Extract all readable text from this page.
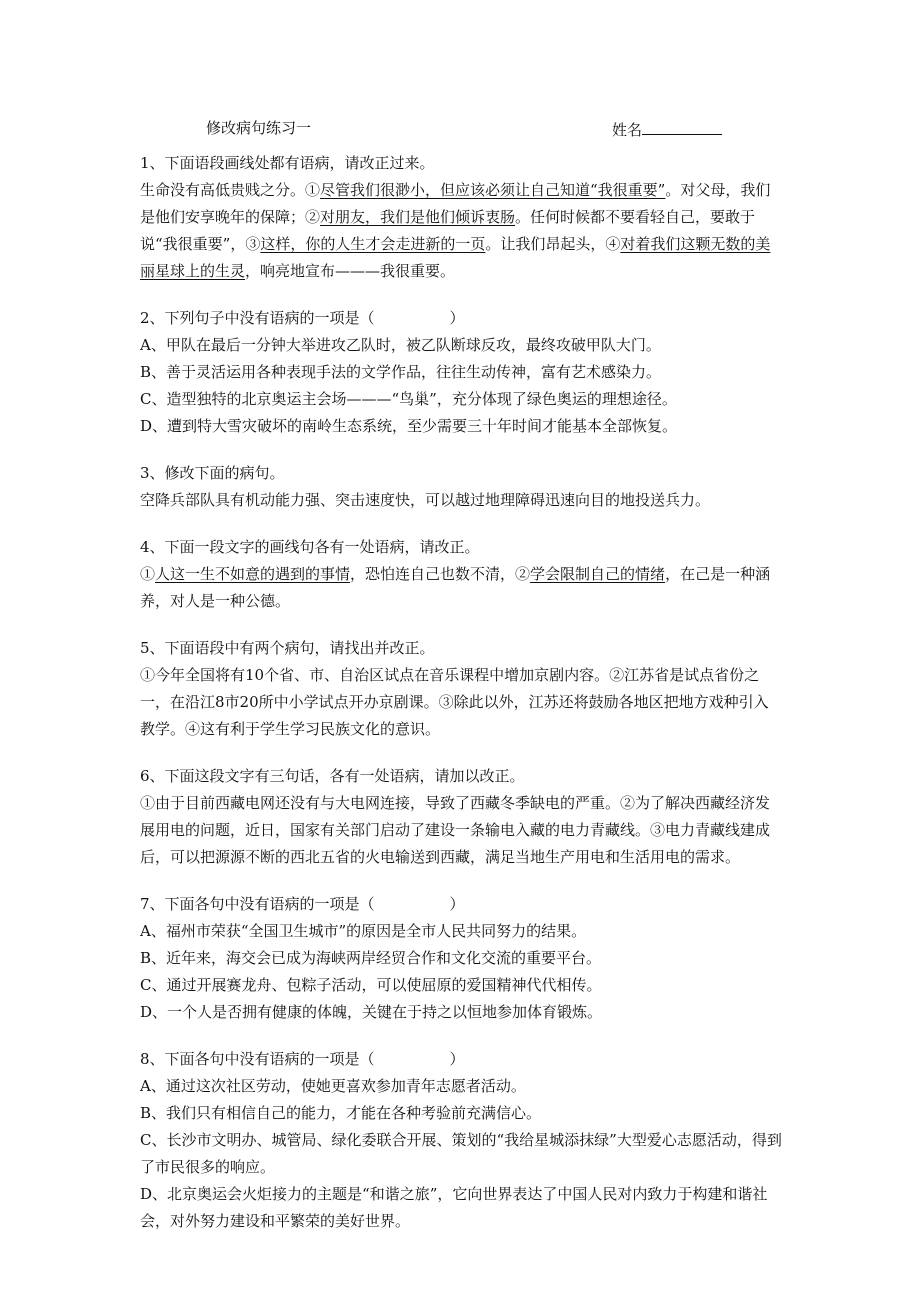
修改病句练习一	姓名

1、下面语段画线处都有语病，请改正过来。

生命没有高低贵贱之分。①尽管我们很渺小，但应该必须让自己知道“我很重要”。对父母，我们是他们安享晚年的保障；②对朋友，我们是他们倾诉衷肠。任何时候都不要看轻自己，要敢于说“我很重要”，③这样，你的人生才会走进新的一页。让我们昂起头，④对着我们这颗无数的美丽星球上的生灵，响亮地宣布———我很重要。

2、下列句子中没有语病的一项是（　　　　　）

A、甲队在最后一分钟大举进攻乙队时，被乙队断球反攻，最终攻破甲队大门。

B、善于灵活运用各种表现手法的文学作品，往往生动传神，富有艺术感染力。

C、造型独特的北京奥运主会场———“鸟巢”，充分体现了绿色奥运的理想途径。

D、遭到特大雪灾破坏的南岭生态系统，至少需要三十年时间才能基本全部恢复。

3、修改下面的病句。

空降兵部队具有机动能力强、突击速度快，可以越过地理障碍迅速向目的地投送兵力。

4、下面一段文字的画线句各有一处语病，请改正。

①人这一生不如意的遇到的事情，恐怕连自己也数不清，②学会限制自己的情绪，在己是一种涵养，对人是一种公德。

5、下面语段中有两个病句，请找出并改正。

①今年全国将有10个省、市、自治区试点在音乐课程中增加京剧内容。②江苏省是试点省份之一，在沿江8市20所中小学试点开办京剧课。③除此以外，江苏还将鼓励各地区把地方戏种引入教学。④这有利于学生学习民族文化的意识。

6、下面这段文字有三句话，各有一处语病，请加以改正。

①由于目前西藏电网还没有与大电网连接，导致了西藏冬季缺电的严重。②为了解决西藏经济发展用电的问题，近日，国家有关部门启动了建设一条输电入藏的电力青藏线。③电力青藏线建成后，可以把源源不断的西北五省的火电输送到西藏，满足当地生产用电和生活用电的需求。

7、下面各句中没有语病的一项是（　　　　　）

A、福州市荣获“全国卫生城市”的原因是全市人民共同努力的结果。

B、近年来，海交会已成为海峡两岸经贸合作和文化交流的重要平台。

C、通过开展赛龙舟、包粽子活动，可以使屈原的爱国精神代代相传。

D、一个人是否拥有健康的体魄，关键在于持之以恒地参加体育锻炼。

8、下面各句中没有语病的一项是（　　　　　）

A、通过这次社区劳动，使她更喜欢参加青年志愿者活动。

B、我们只有相信自己的能力，才能在各种考验前充满信心。

C、长沙市文明办、城管局、绿化委联合开展、策划的“我给星城添抹绿”大型爱心志愿活动，得到了市民很多的响应。

D、北京奥运会火炬接力的主题是“和谐之旅”，它向世界表达了中国人民对内致力于构建和谐社会，对外努力建设和平繁荣的美好世界。
